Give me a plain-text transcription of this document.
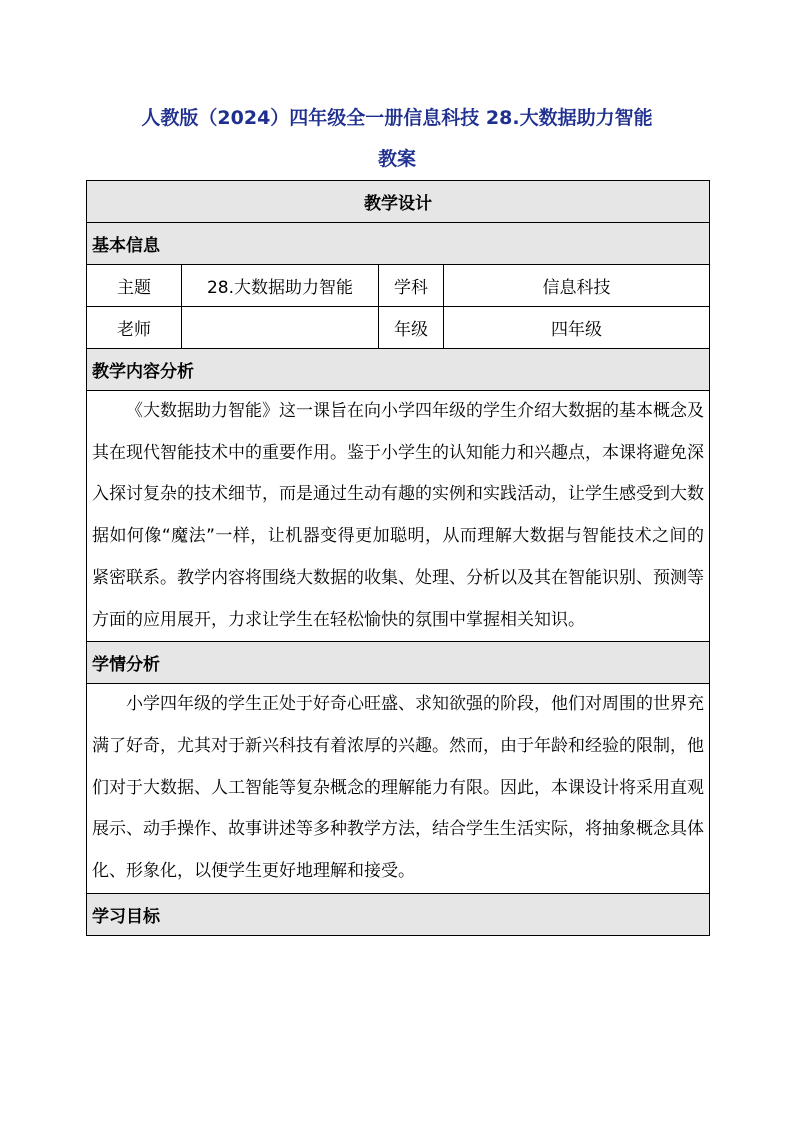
人教版（2024）四年级全一册信息科技 28.大数据助力智能
教案
教学设计			
基本信息			
主题	28.大数据助力智能	学科	信息科技
老师		年级	四年级
教学内容分析			
《大数据助力智能》这一课旨在向小学四年级的学生介绍大数据的基本概念及其在现代智能技术中的重要作用。鉴于小学生的认知能力和兴趣点，本课将避免深入探讨复杂的技术细节，而是通过生动有趣的实例和实践活动，让学生感受到大数据如何像“魔法”一样，让机器变得更加聪明，从而理解大数据与智能技术之间的紧密联系。教学内容将围绕大数据的收集、处理、分析以及其在智能识别、预测等方面的应用展开，力求让学生在轻松愉快的氛围中掌握相关知识。			
学情分析			
小学四年级的学生正处于好奇心旺盛、求知欲强的阶段，他们对周围的世界充满了好奇，尤其对于新兴科技有着浓厚的兴趣。然而，由于年龄和经验的限制，他们对于大数据、人工智能等复杂概念的理解能力有限。因此，本课设计将采用直观展示、动手操作、故事讲述等多种教学方法，结合学生生活实际，将抽象概念具体化、形象化，以便学生更好地理解和接受。			
学习目标			
